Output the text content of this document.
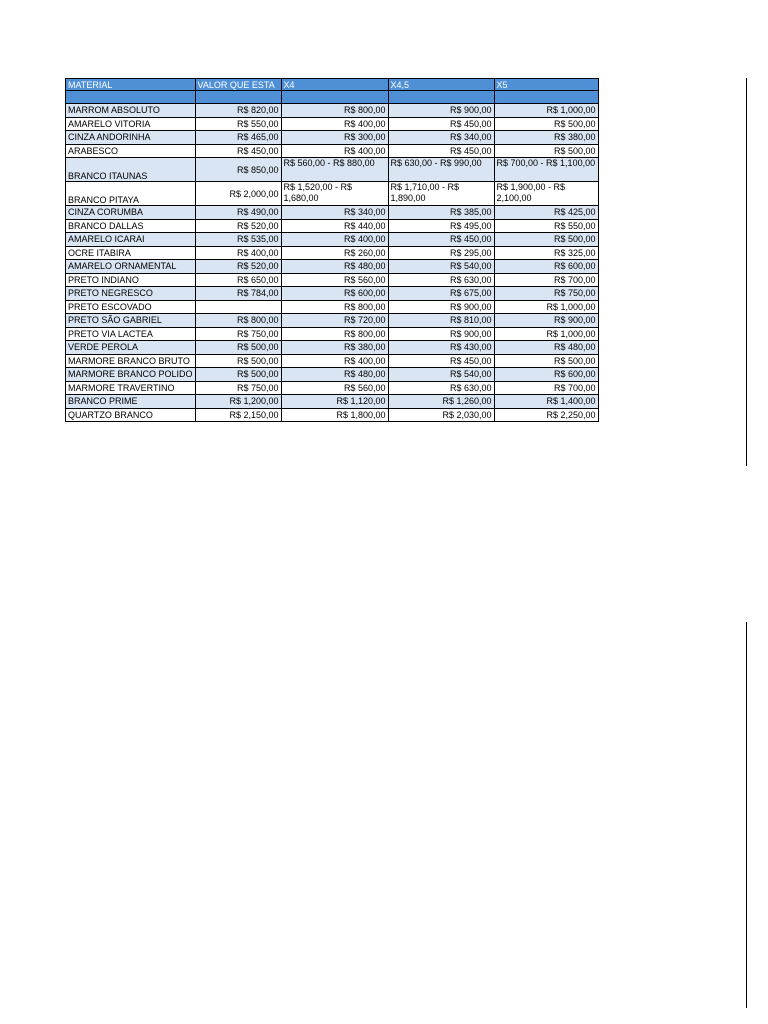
MATERIAL	VALOR QUE ESTA	X4	X4,5	X5

MARROM ABSOLUTO	R$ 820,00	R$ 800,00	R$ 900,00	R$ 1,000,00
AMARELO VITORIA	R$ 550,00	R$ 400,00	R$ 450,00	R$ 500,00
CINZA ANDORINHA	R$ 465,00	R$ 300,00	R$ 340,00	R$ 380,00
ARABESCO	R$ 450,00	R$ 400,00	R$ 450,00	R$ 500,00
BRANCO ITAUNAS	R$ 850,00	R$ 560,00 - R$ 880,00	R$ 630,00 - R$ 990,00	R$ 700,00 - R$ 1,100,00
BRANCO PITAYA	R$ 2,000,00	R$ 1,520,00 - R$ 1,680,00	R$ 1,710,00 - R$ 1,890,00	R$ 1,900,00 - R$ 2,100,00
CINZA CORUMBA	R$ 490,00	R$ 340,00	R$ 385,00	R$ 425,00
BRANCO DALLAS	R$ 520,00	R$ 440,00	R$ 495,00	R$ 550,00
AMARELO ICARAI	R$ 535,00	R$ 400,00	R$ 450,00	R$ 500,00
OCRE ITABIRA	R$ 400,00	R$ 260,00	R$ 295,00	R$ 325,00
AMARELO ORNAMENTAL	R$ 520,00	R$ 480,00	R$ 540,00	R$ 600,00
PRETO INDIANO	R$ 650,00	R$ 560,00	R$ 630,00	R$ 700,00
PRETO NEGRESCO	R$ 784,00	R$ 600,00	R$ 675,00	R$ 750,00
PRETO ESCOVADO		R$ 800,00	R$ 900,00	R$ 1,000,00
PRETO SÃO GABRIEL	R$ 800,00	R$ 720,00	R$ 810,00	R$ 900,00
PRETO VIA LACTEA	R$ 750,00	R$ 800,00	R$ 900,00	R$ 1,000,00
VERDE PEROLA	R$ 500,00	R$ 380,00	R$ 430,00	R$ 480,00
MARMORE BRANCO BRUTO	R$ 500,00	R$ 400,00	R$ 450,00	R$ 500,00
MARMORE BRANCO POLIDO	R$ 500,00	R$ 480,00	R$ 540,00	R$ 600,00
MARMORE TRAVERTINO	R$ 750,00	R$ 560,00	R$ 630,00	R$ 700,00
BRANCO PRIME	R$ 1,200,00	R$ 1,120,00	R$ 1,260,00	R$ 1,400,00
QUARTZO BRANCO	R$ 2,150,00	R$ 1,800,00	R$ 2,030,00	R$ 2,250,00
